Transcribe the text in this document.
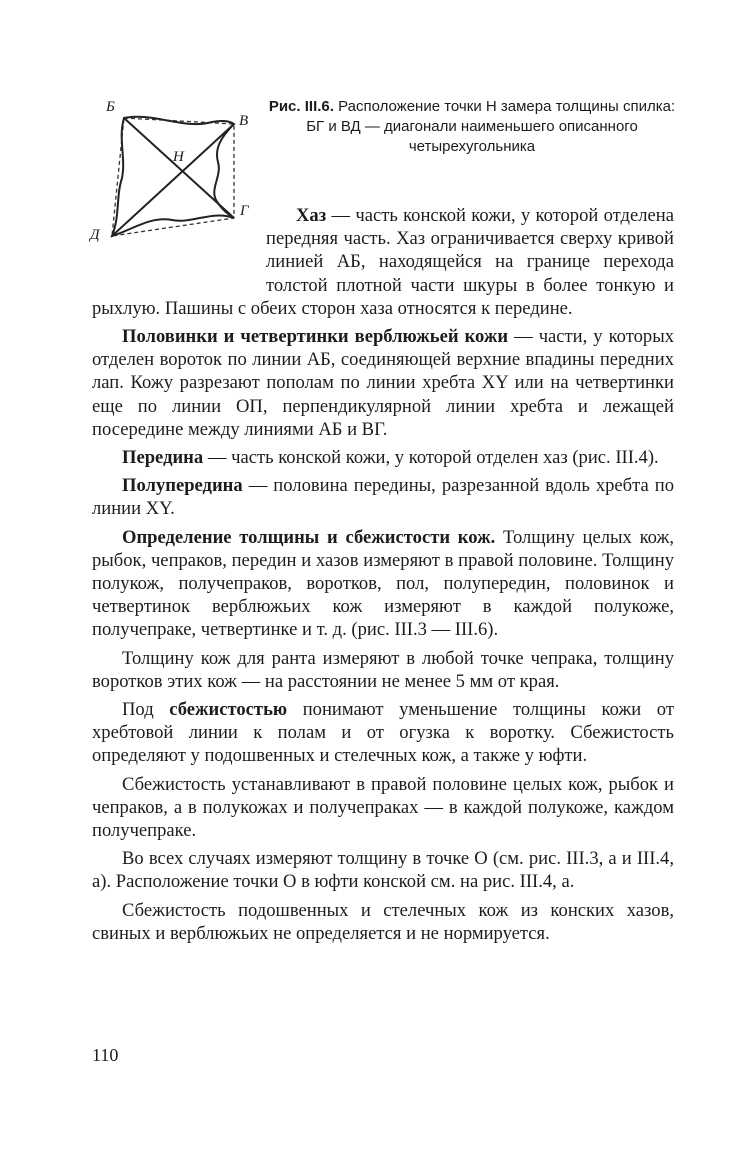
Б
В
Н
Г
Д
Рис. III.6. Расположение точки Н замера толщины спилка: БГ и ВД — диагонали наименьшего описанного четырехугольника

Хаз — часть конской кожи, у которой отделена передняя часть. Хаз ограничивается сверху кривой линией АБ, находящейся на границе перехода толстой плотной части шкуры в более тонкую и рыхлую. Пашины с обеих сторон хаза относятся к передине.

Половинки и четвертинки верблюжьей кожи — части, у которых отделен вороток по линии АБ, соединяющей верхние впадины передних лап. Кожу разрезают пополам по линии хребта XY или на четвертинки еще по линии ОП, перпендикулярной линии хребта и лежащей посередине между линиями АБ и ВГ.

Передина — часть конской кожи, у которой отделен хаз (рис. III.4).

Полупередина — половина передины, разрезанной вдоль хребта по линии XY.

Определение толщины и сбежистости кож. Толщину целых кож, рыбок, чепраков, передин и хазов измеряют в правой половине. Толщину полукож, получепраков, воротков, пол, полупередин, половинок и четвертинок верблюжьих кож измеряют в каждой полукоже, получепраке, четвертинке и т. д. (рис. III.3 — III.6).

Толщину кож для ранта измеряют в любой точке чепрака, толщину воротков этих кож — на расстоянии не менее 5 мм от края.

Под сбежистостью понимают уменьшение толщины кожи от хребтовой линии к полам и от огузка к воротку. Сбежистость определяют у подошвенных и стелечных кож, а также у юфти.

Сбежистость устанавливают в правой половине целых кож, рыбок и чепраков, а в полукожах и получепраках — в каждой полукоже, каждом получепраке.

Во всех случаях измеряют толщину в точке О (см. рис. III.3, а и III.4, а). Расположение точки О в юфти конской см. на рис. III.4, а.

Сбежистость подошвенных и стелечных кож из конских хазов, свиных и верблюжьих не определяется и не нормируется.

110
